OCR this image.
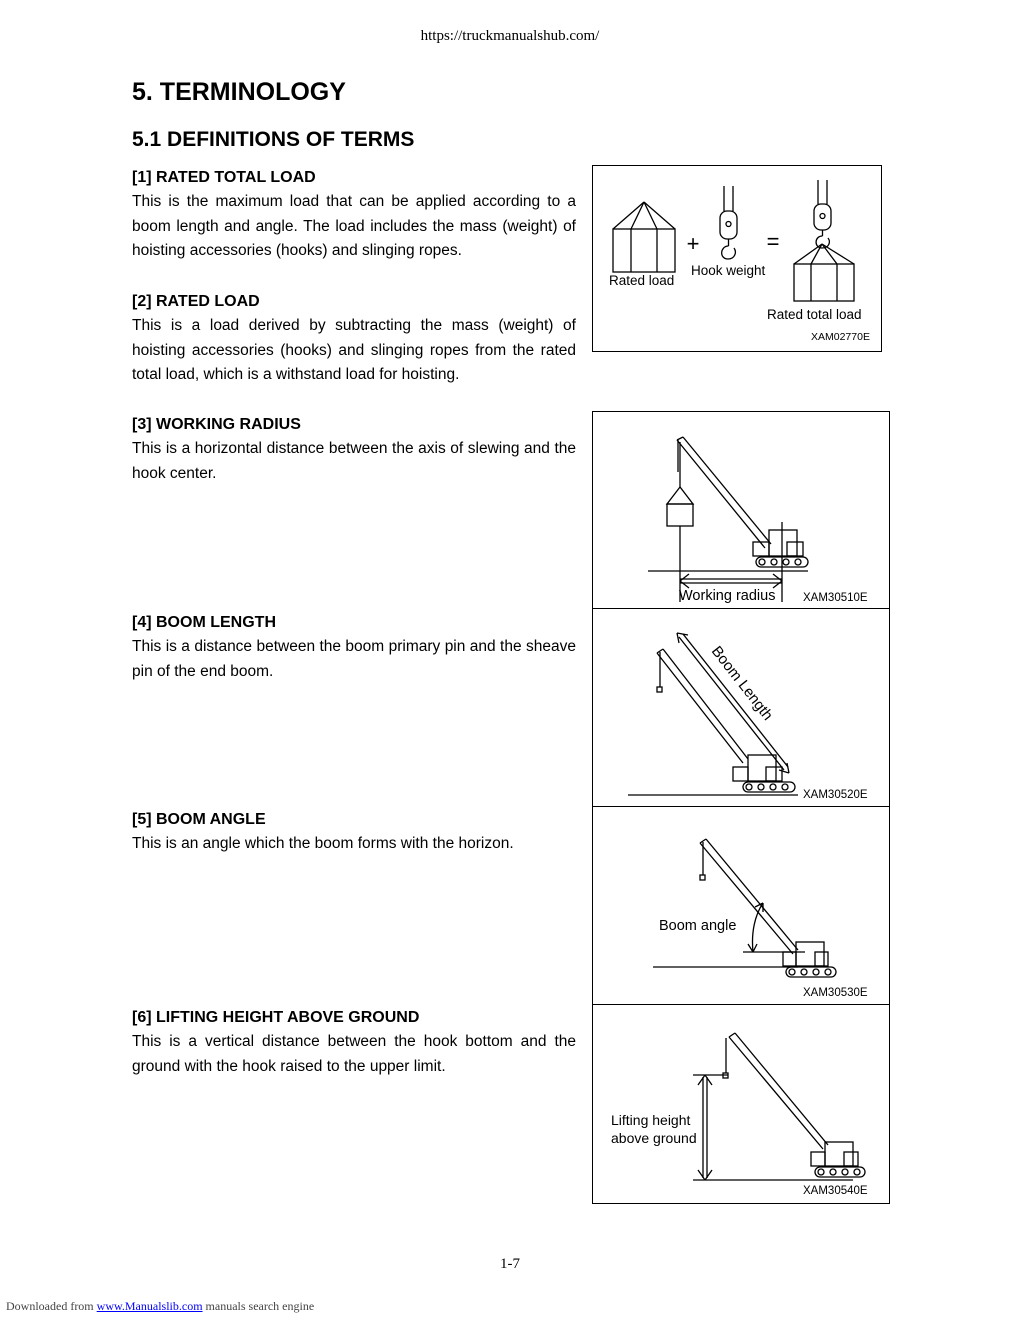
https://truckmanualshub.com/
5. TERMINOLOGY
5.1 DEFINITIONS OF TERMS
[1] RATED TOTAL LOAD
This is the maximum load that can be applied according to a boom length and angle. The load includes the mass (weight) of hoisting accessories (hooks) and slinging ropes.
[2] RATED LOAD
This is a load derived by subtracting the mass (weight) of hoisting accessories (hooks) and slinging ropes from the rated total load, which is a withstand load for hoisting.
[3] WORKING RADIUS
This is a horizontal distance between the axis of slewing and the hook center.
[4] BOOM LENGTH
This is a distance between the boom primary pin and the sheave pin of the end boom.
[5] BOOM ANGLE
This is an angle which the boom forms with the horizon.
[6] LIFTING HEIGHT ABOVE GROUND
This is a vertical distance between the hook bottom and the ground with the hook raised to the upper limit.
+	=
Rated load
Hook weight
Rated total load
XAM02770E
Working radius XAM30510E
Boom Length
XAM30520E
Boom angle
XAM30530E
Lifting height
above ground
XAM30540E
1-7
Downloaded from www.Manualslib.com manuals search engine
